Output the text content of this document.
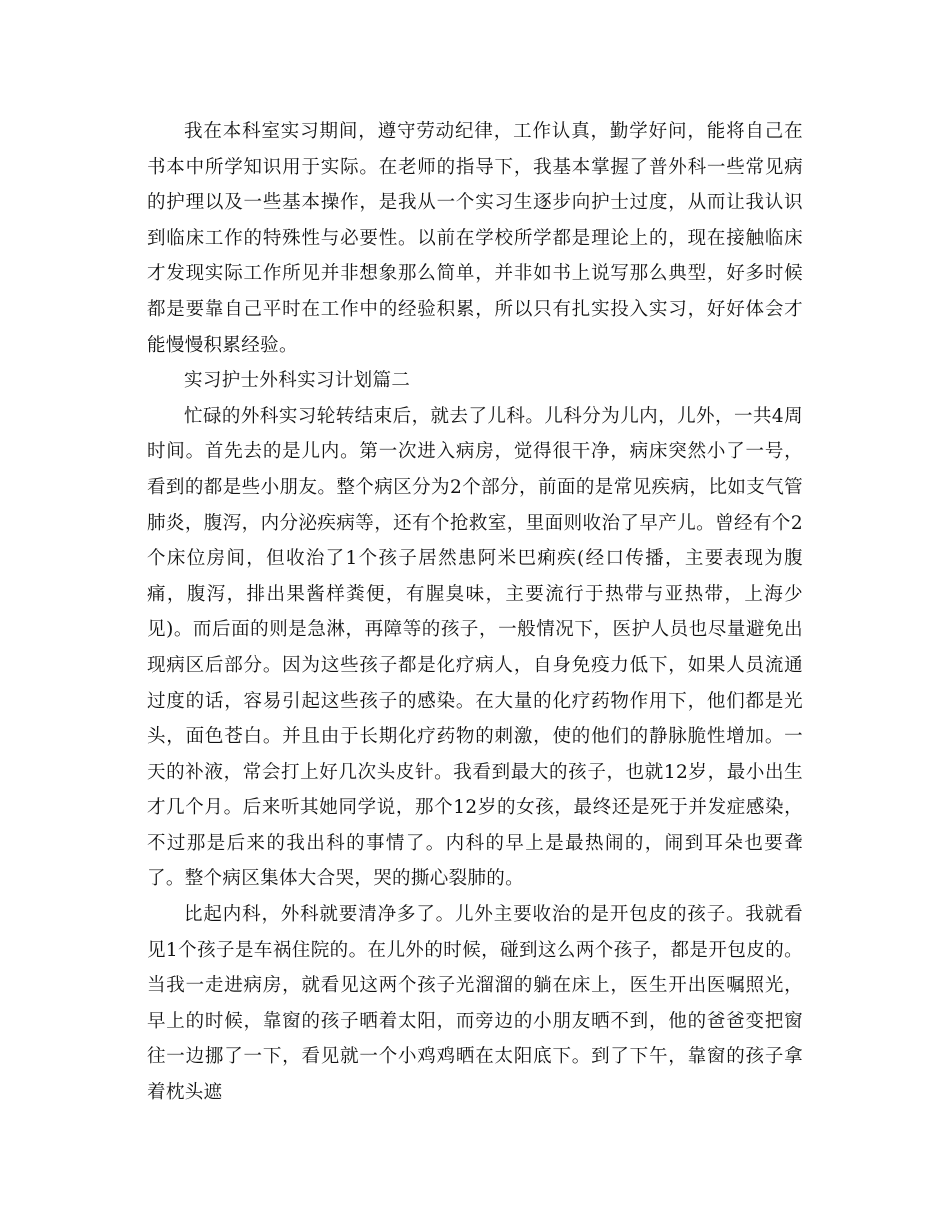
我在本科室实习期间，遵守劳动纪律，工作认真，勤学好问，能将自己在书本中所学知识用于实际。在老师的指导下，我基本掌握了普外科一些常见病的护理以及一些基本操作，是我从一个实习生逐步向护士过度，从而让我认识到临床工作的特殊性与必要性。以前在学校所学都是理论上的，现在接触临床才发现实际工作所见并非想象那么简单，并非如书上说写那么典型，好多时候都是要靠自己平时在工作中的经验积累，所以只有扎实投入实习，好好体会才能慢慢积累经验。

实习护士外科实习计划篇二

忙碌的外科实习轮转结束后，就去了儿科。儿科分为儿内，儿外，一共4周时间。首先去的是儿内。第一次进入病房，觉得很干净，病床突然小了一号，看到的都是些小朋友。整个病区分为2个部分，前面的是常见疾病，比如支气管肺炎，腹泻，内分泌疾病等，还有个抢救室，里面则收治了早产儿。曾经有个2个床位房间，但收治了1个孩子居然患阿米巴痢疾(经口传播，主要表现为腹痛，腹泻，排出果酱样粪便，有腥臭味，主要流行于热带与亚热带，上海少见)。而后面的则是急淋，再障等的孩子，一般情况下，医护人员也尽量避免出现病区后部分。因为这些孩子都是化疗病人，自身免疫力低下，如果人员流通过度的话，容易引起这些孩子的感染。在大量的化疗药物作用下，他们都是光头，面色苍白。并且由于长期化疗药物的刺激，使的他们的静脉脆性增加。一天的补液，常会打上好几次头皮针。我看到最大的孩子，也就12岁，最小出生才几个月。后来听其她同学说，那个12岁的女孩，最终还是死于并发症感染，不过那是后来的我出科的事情了。内科的早上是最热闹的，闹到耳朵也要聋了。整个病区集体大合哭，哭的撕心裂肺的。

比起内科，外科就要清净多了。儿外主要收治的是开包皮的孩子。我就看见1个孩子是车祸住院的。在儿外的时候，碰到这么两个孩子，都是开包皮的。当我一走进病房，就看见这两个孩子光溜溜的躺在床上，医生开出医嘱照光，早上的时候，靠窗的孩子晒着太阳，而旁边的小朋友晒不到，他的爸爸变把窗往一边挪了一下，看见就一个小鸡鸡晒在太阳底下。到了下午，靠窗的孩子拿着枕头遮
